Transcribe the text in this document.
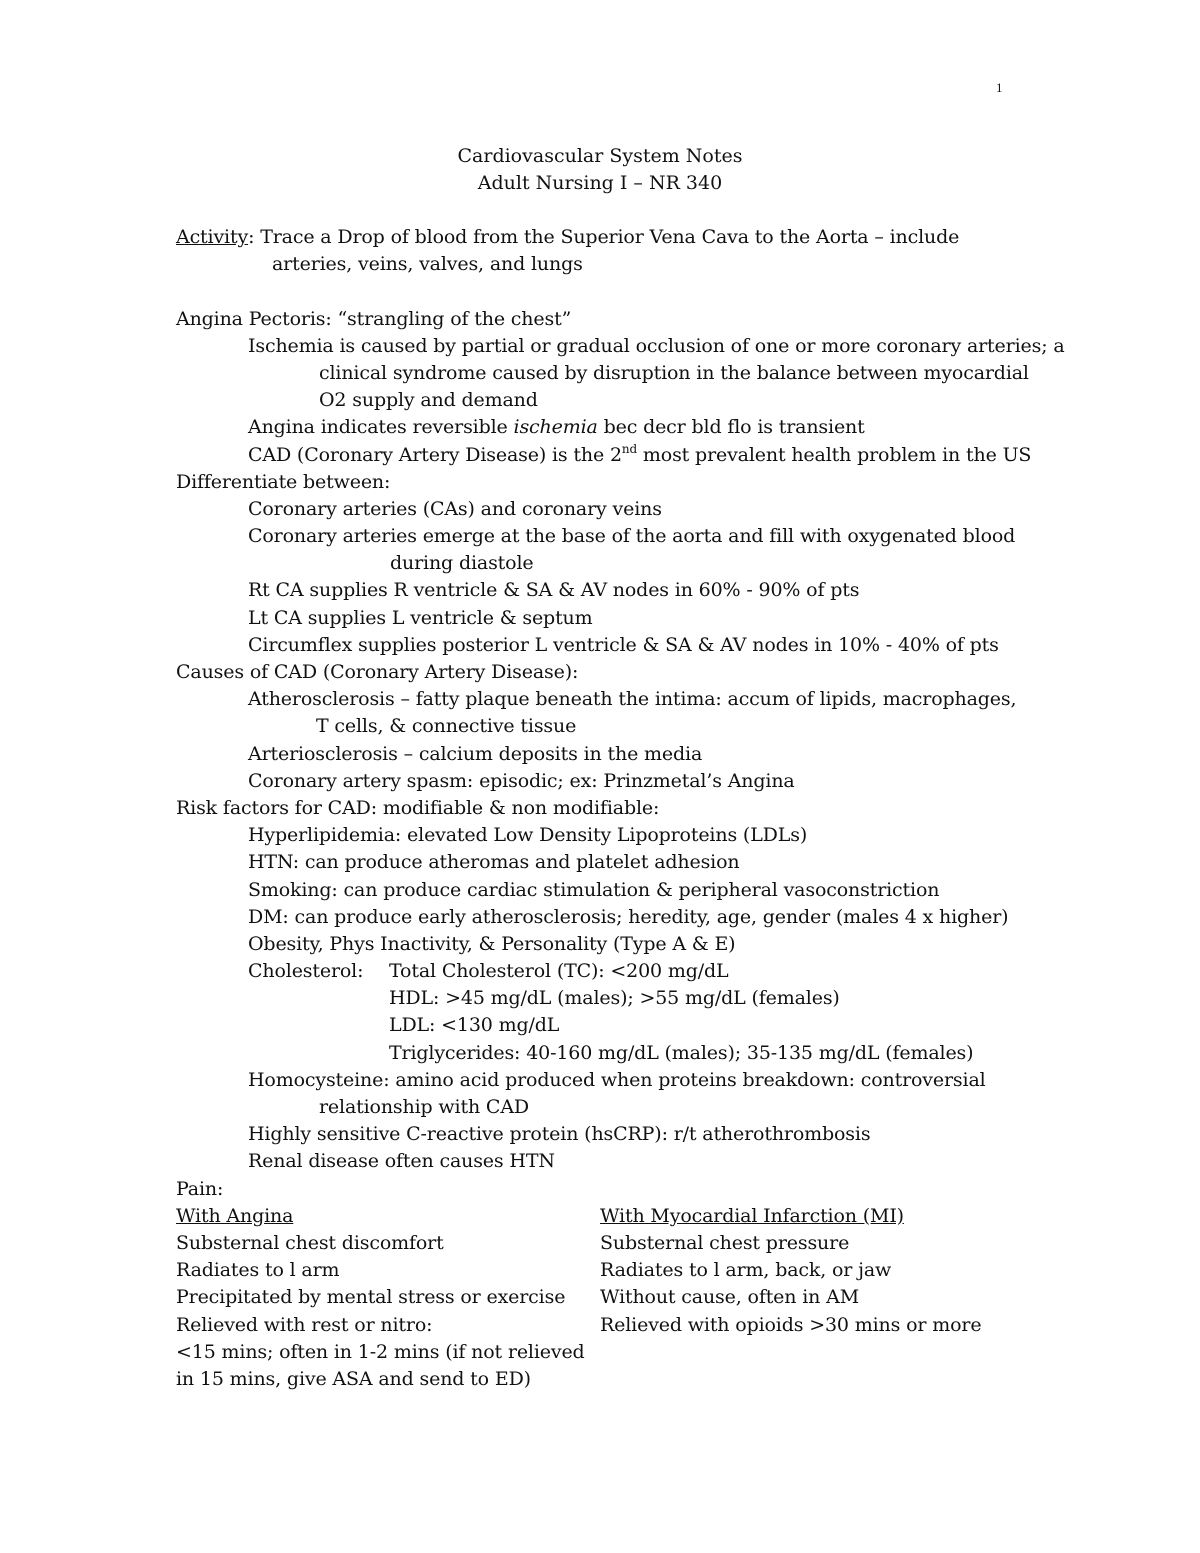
1
Cardiovascular System Notes
Adult Nursing I – NR 340
Activity: Trace a Drop of blood from the Superior Vena Cava to the Aorta – include
arteries, veins, valves, and lungs
Angina Pectoris: “strangling of the chest”
Ischemia is caused by partial or gradual occlusion of one or more coronary arteries; a
clinical syndrome caused by disruption in the balance between myocardial
O2 supply and demand
Angina indicates reversible ischemia bec decr bld flo is transient
CAD (Coronary Artery Disease) is the 2nd most prevalent health problem in the US
Differentiate between:
Coronary arteries (CAs) and coronary veins
Coronary arteries emerge at the base of the aorta and fill with oxygenated blood
during diastole
Rt CA supplies R ventricle & SA & AV nodes in 60% - 90% of pts
Lt CA supplies L ventricle & septum
Circumflex supplies posterior L ventricle & SA & AV nodes in 10% - 40% of pts
Causes of CAD (Coronary Artery Disease):
Atherosclerosis – fatty plaque beneath the intima: accum of lipids, macrophages,
T cells, & connective tissue
Arteriosclerosis – calcium deposits in the media
Coronary artery spasm: episodic; ex: Prinzmetal’s Angina
Risk factors for CAD: modifiable & non modifiable:
Hyperlipidemia: elevated Low Density Lipoproteins (LDLs)
HTN: can produce atheromas and platelet adhesion
Smoking: can produce cardiac stimulation & peripheral vasoconstriction
DM: can produce early atherosclerosis; heredity, age, gender (males 4 x higher)
Obesity, Phys Inactivity, & Personality (Type A & E)
Cholesterol: Total Cholesterol (TC): <200 mg/dL
HDL: >45 mg/dL (males); >55 mg/dL (females)
LDL: <130 mg/dL
Triglycerides: 40-160 mg/dL (males); 35-135 mg/dL (females)
Homocysteine: amino acid produced when proteins breakdown: controversial
relationship with CAD
Highly sensitive C-reactive protein (hsCRP): r/t atherothrombosis
Renal disease often causes HTN
Pain:
With Angina	With Myocardial Infarction (MI)
Substernal chest discomfort	Substernal chest pressure
Radiates to l arm	Radiates to l arm, back, or jaw
Precipitated by mental stress or exercise	Without cause, often in AM
Relieved with rest or nitro:	Relieved with opioids >30 mins or more
<15 mins; often in 1-2 mins (if not relieved
in 15 mins, give ASA and send to ED)
